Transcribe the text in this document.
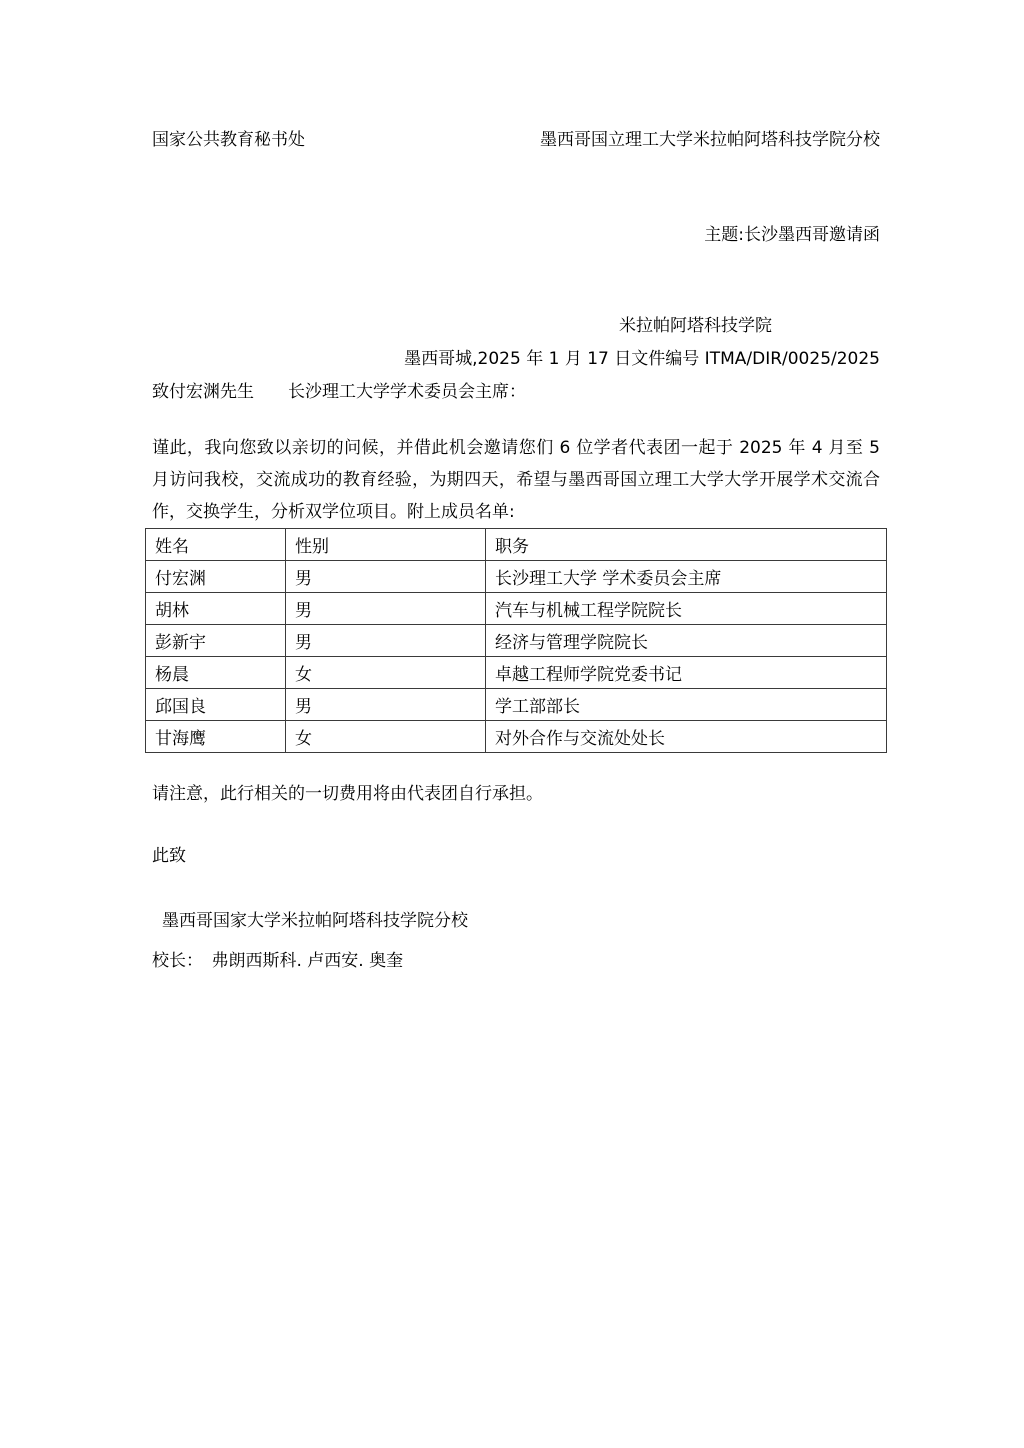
国家公共教育秘书处	墨西哥国立理工大学米拉帕阿塔科技学院分校
主题:长沙墨西哥邀请函
米拉帕阿塔科技学院
墨西哥城,2025 年 1 月 17 日文件编号 ITMA/DIR/0025/2025
致付宏渊先生　　长沙理工大学学术委员会主席：
谨此，我向您致以亲切的问候，并借此机会邀请您们 6 位学者代表团一起于 2025 年 4 月至 5 月访问我校，交流成功的教育经验，为期四天，希望与墨西哥国立理工大学大学开展学术交流合作，交换学生，分析双学位项目。附上成员名单:
姓名	性别	职务
付宏渊	男	长沙理工大学 学术委员会主席
胡林	男	汽车与机械工程学院院长
彭新宇	男	经济与管理学院院长
杨晨	女	卓越工程师学院党委书记
邱国良	男	学工部部长
甘海鹰	女	对外合作与交流处处长
请注意，此行相关的一切费用将由代表团自行承担。
此致
墨西哥国家大学米拉帕阿塔科技学院分校
校长：　弗朗西斯科. 卢西安. 奥奎
